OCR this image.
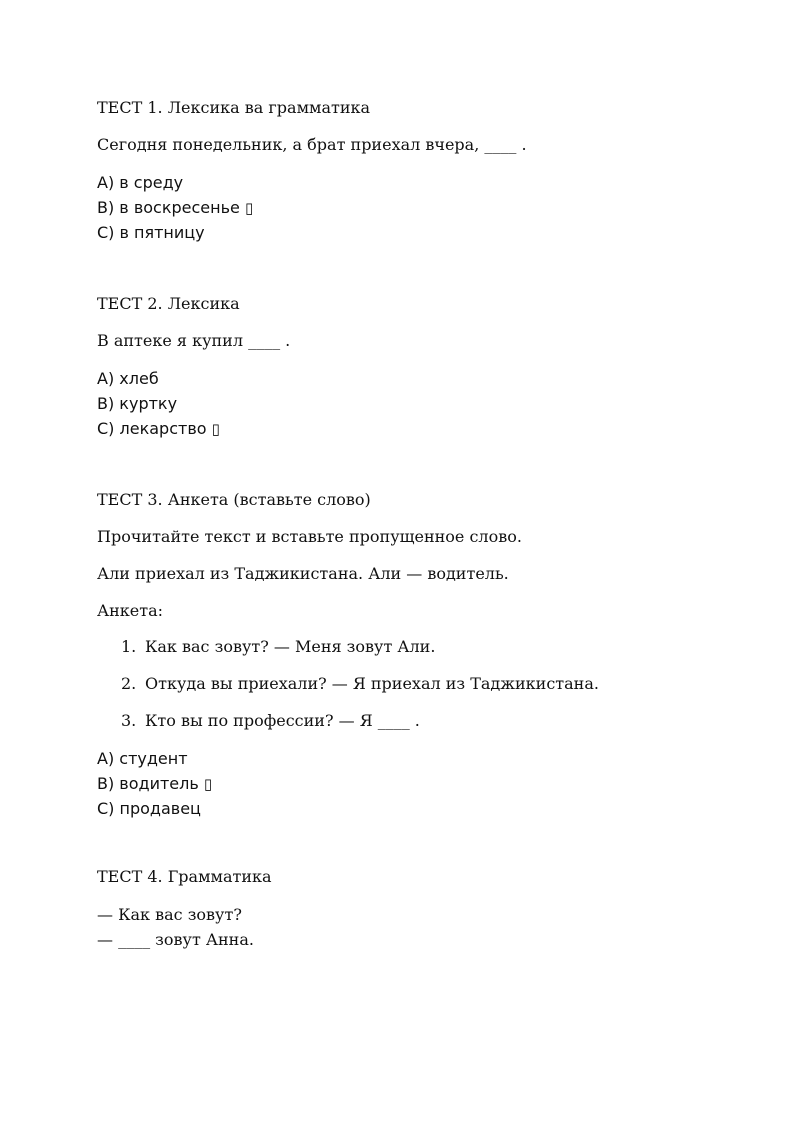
ТЕСТ 1. Лексика ва грамматика
Сегодня понедельник, а брат приехал вчера, ____ .
A) в среду
B) в воскресенье ▯
C) в пятницу
ТЕСТ 2. Лексика
В аптеке я купил ____ .
A) хлеб
B) куртку
C) лекарство ▯
ТЕСТ 3. Анкета (вставьте слово)
Прочитайте текст и вставьте пропущенное слово.
Али приехал из Таджикистана. Али — водитель.
Анкета:
1. Как вас зовут? — Меня зовут Али.
2. Откуда вы приехали? — Я приехал из Таджикистана.
3. Кто вы по профессии? — Я ____ .
A) студент
B) водитель ▯
C) продавец
ТЕСТ 4. Грамматика
— Как вас зовут?
— ____ зовут Анна.
